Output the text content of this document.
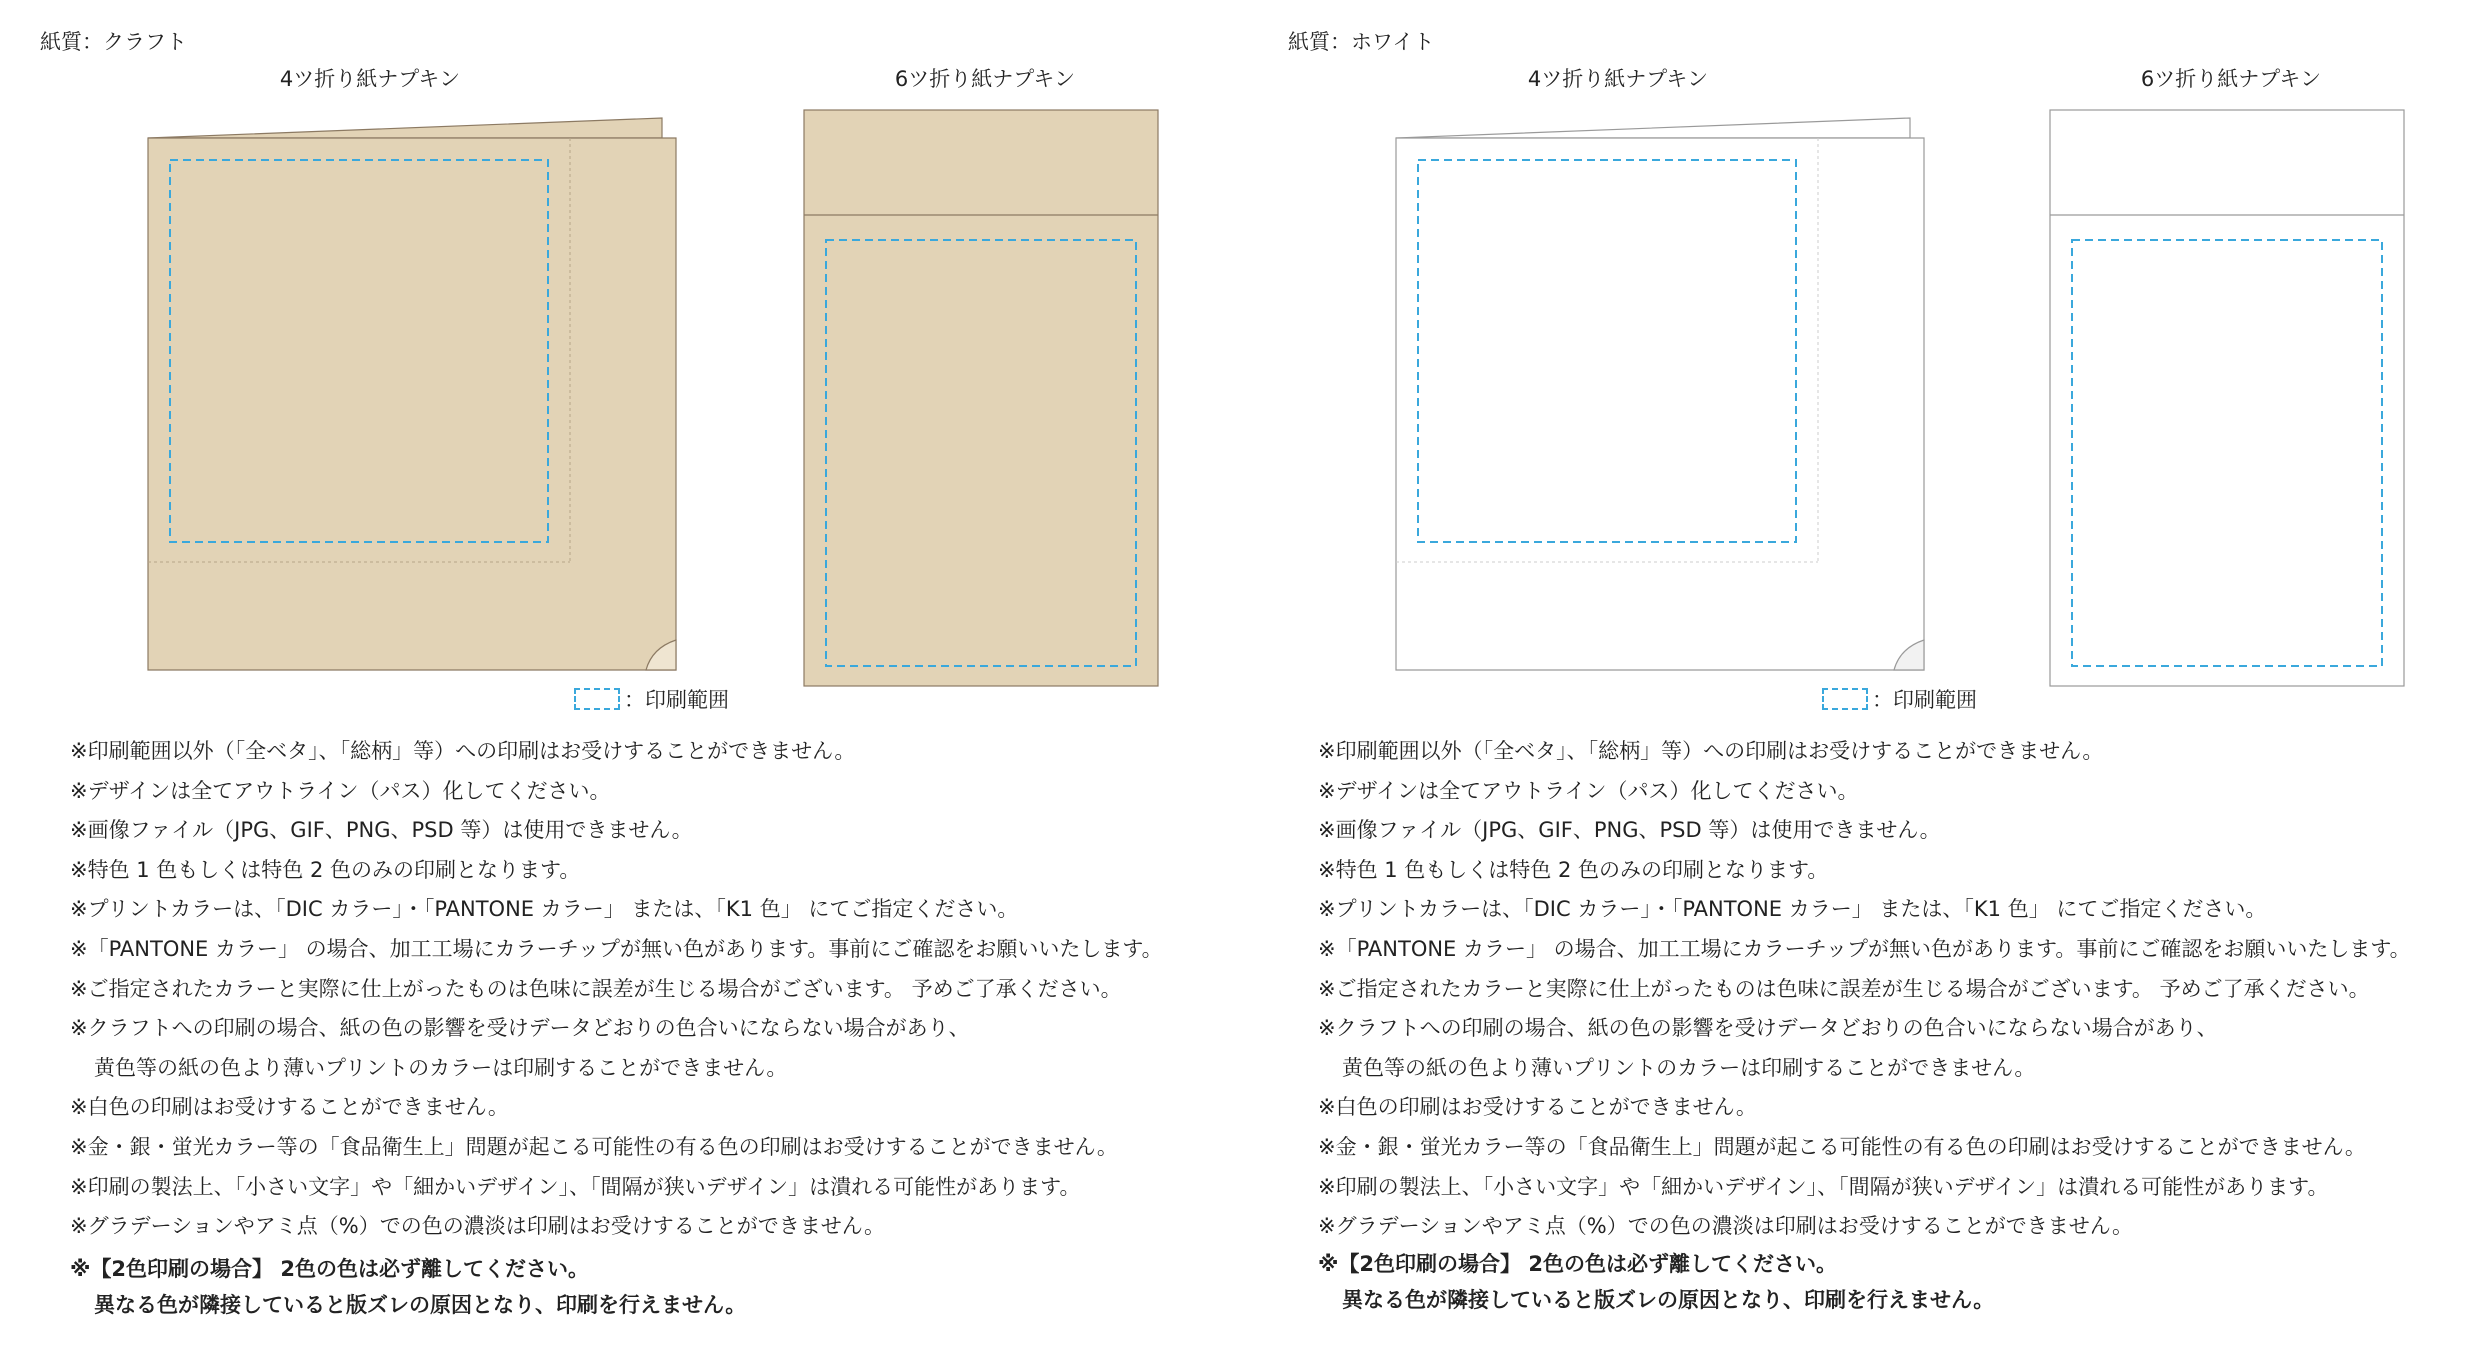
紙質：クラフト
4ツ折り紙ナプキン	6ツ折り紙ナプキン
：印刷範囲

※印刷範囲以外（「全ベタ」、「総柄」等）への印刷はお受けすることができません。

※デザインは全てアウトライン（パス）化してください。

※画像ファイル（JPG、GIF、PNG、PSD 等）は使用できません。

※特色 1 色もしくは特色 2 色のみの印刷となります。

※プリントカラーは、「DIC カラー」・「PANTONE カラー」 または、「K1 色」 にてご指定ください。

※「PANTONE カラー」 の場合、加工工場にカラーチップが無い色があります。事前にご確認をお願いいたします。

※ご指定されたカラーと実際に仕上がったものは色味に誤差が生じる場合がございます。 予めご了承ください。

※クラフトへの印刷の場合、紙の色の影響を受けデータどおりの色合いにならない場合があり、

黄色等の紙の色より薄いプリントのカラーは印刷することができません。

※白色の印刷はお受けすることができません。

※金・銀・蛍光カラー等の「食品衛生上」問題が起こる可能性の有る色の印刷はお受けすることができません。

※印刷の製法上、「小さい文字」や「細かいデザイン」、「間隔が狭いデザイン」は潰れる可能性があります。

※グラデーションやアミ点（%）での色の濃淡は印刷はお受けすることができません。

※【2色印刷の場合】 2色の色は必ず離してください。

異なる色が隣接していると版ズレの原因となり、印刷を行えません。

紙質：ホワイト
4ツ折り紙ナプキン	6ツ折り紙ナプキン
：印刷範囲

※印刷範囲以外（「全ベタ」、「総柄」等）への印刷はお受けすることができません。

※デザインは全てアウトライン（パス）化してください。

※画像ファイル（JPG、GIF、PNG、PSD 等）は使用できません。

※特色 1 色もしくは特色 2 色のみの印刷となります。

※プリントカラーは、「DIC カラー」・「PANTONE カラー」 または、「K1 色」 にてご指定ください。

※「PANTONE カラー」 の場合、加工工場にカラーチップが無い色があります。事前にご確認をお願いいたします。

※ご指定されたカラーと実際に仕上がったものは色味に誤差が生じる場合がございます。 予めご了承ください。

※クラフトへの印刷の場合、紙の色の影響を受けデータどおりの色合いにならない場合があり、

黄色等の紙の色より薄いプリントのカラーは印刷することができません。

※白色の印刷はお受けすることができません。

※金・銀・蛍光カラー等の「食品衛生上」問題が起こる可能性の有る色の印刷はお受けすることができません。

※印刷の製法上、「小さい文字」や「細かいデザイン」、「間隔が狭いデザイン」は潰れる可能性があります。

※グラデーションやアミ点（%）での色の濃淡は印刷はお受けすることができません。

※【2色印刷の場合】 2色の色は必ず離してください。

異なる色が隣接していると版ズレの原因となり、印刷を行えません。
